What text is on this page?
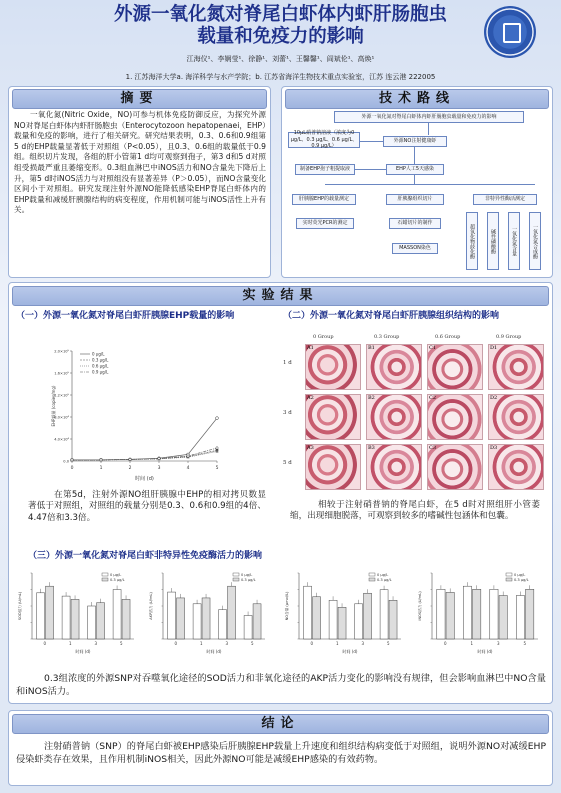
外源一氧化氮对脊尾白虾体内虾肝肠胞虫
载量和免疫力的影响
江海仪¹、李娴莹¹、徐静¹、刘蕾¹、王馨馨¹、阎斌伦¹、高焕¹
1. 江苏海洋大学a. 海洋科学与水产学院；b. 江苏省海洋生物技术重点实验室，江苏 连云港 222005
摘要
一氧化氮(Nitric Oxide，NO)可参与机体免疫防御反应，为探究外源NO对脊尾白虾体内虾肝肠胞虫（Enterocytozoon hepatopenaei，EHP）载量和免疫的影响，进行了相关研究。研究结果表明，0.3、0.6和0.9组第5 d的EHP载量显著低于对照组（P<0.05），且0.3、0.6组的载量低于0.9组。组织切片发现，各组的肝小管第1 d均可观察到孢子，第3 d和5 d对照组受损最严重且萎缩变形。0.3组血淋巴中iNOS活力和NO含量先下降后上升，第5 d时iNOS活力与对照组没有显著差异（P＞0.05），而NO含量变化区间小于对照组。研究发现注射外源NO能降低感染EHP脊尾白虾体内的EHP载量和减缓肝胰腺结构的病变程度，作用机制可能与iNOS活性上升有关。
技术路线
外源一氧化氮对脊尾白虾体内虾肝肠胞虫载量和免疫力的影响
10μL硝普钠溶液（浓度为0 μg/L、0.3 μg/L、0.6 μg/L、0.9 μg/L）
外源NO注射健康虾
制备EHP孢子粗提取液	EHP人工5天感染
肝胰腺EHP的载量测定	肝胰腺组织切片	非特异性酶活测定
实时荧光PCR的测定	石蜡切片的制作
MASSON染色	超氧化物歧化酶	碱性磷酸酶	一氧化氮含量	一氧化氮合成酶
实验结果
（一）外源一氧化氮对脊尾白虾肝胰腺EHP载量的影响	（二）外源一氧化氮对脊尾白虾肝胰腺组织结构的影响
0.0
4.0×10⁴
8.0×10⁴
1.2×10⁵
1.6×10⁵
2.0×10⁵
0	1	2	3	4	5
时间 (d)
EHP载量 (copies/mg)
0 μg/L
0.3 μg/L
0.6 μg/L
0.9 μg/L
在第5d，注射外源NO组肝胰腺中EHP的相对拷贝数显著低于对照组，对照组的载量分别是0.3、0.6和0.9组的4倍、4.47倍和3.3倍。
0 Group	0.3 Group	0.6 Group	0.9 Group
1 d
A1	B1	C1	D1
3 d
A2	B2	C2	D2
5 d
A3	B3	C3	D3
相较于注射硝普钠的脊尾白虾，在5 d时对照组肝小管萎缩，出现细胞脱落，可观察到较多的嗜碱性包涵体和包囊。
（三）外源一氧化氮对脊尾白虾非特异性免疫酶活力的影响
0	1	3	5
时间 (d)
SOD活力 (U/mL)
0 μg/L
0.3 μg/L
0	1	3	5
时间 (d)
AKP活力 (U/mL)
0 μg/L
0.3 μg/L
0	1	3	5
时间 (d)
NO含量 (μmol/L)
0 μg/L
0.3 μg/L
0	1	3	5
时间 (d)
iNOS活力 (U/mL)
0 μg/L
0.3 μg/L
0.3组浓度的外源SNP对吞噬氧化途径的SOD活力和非氧化途径的AKP活力变化的影响没有规律，但会影响血淋巴中NO含量和iNOS活力。
结论
注射硝普钠（SNP）的脊尾白虾被EHP感染后肝胰腺EHP载量上升速度和组织结构病变低于对照组，说明外源NO对减缓EHP侵染虾类存在效果，且作用机制iNOS相关，因此外源NO可能是减缓EHP感染的有效药物。
